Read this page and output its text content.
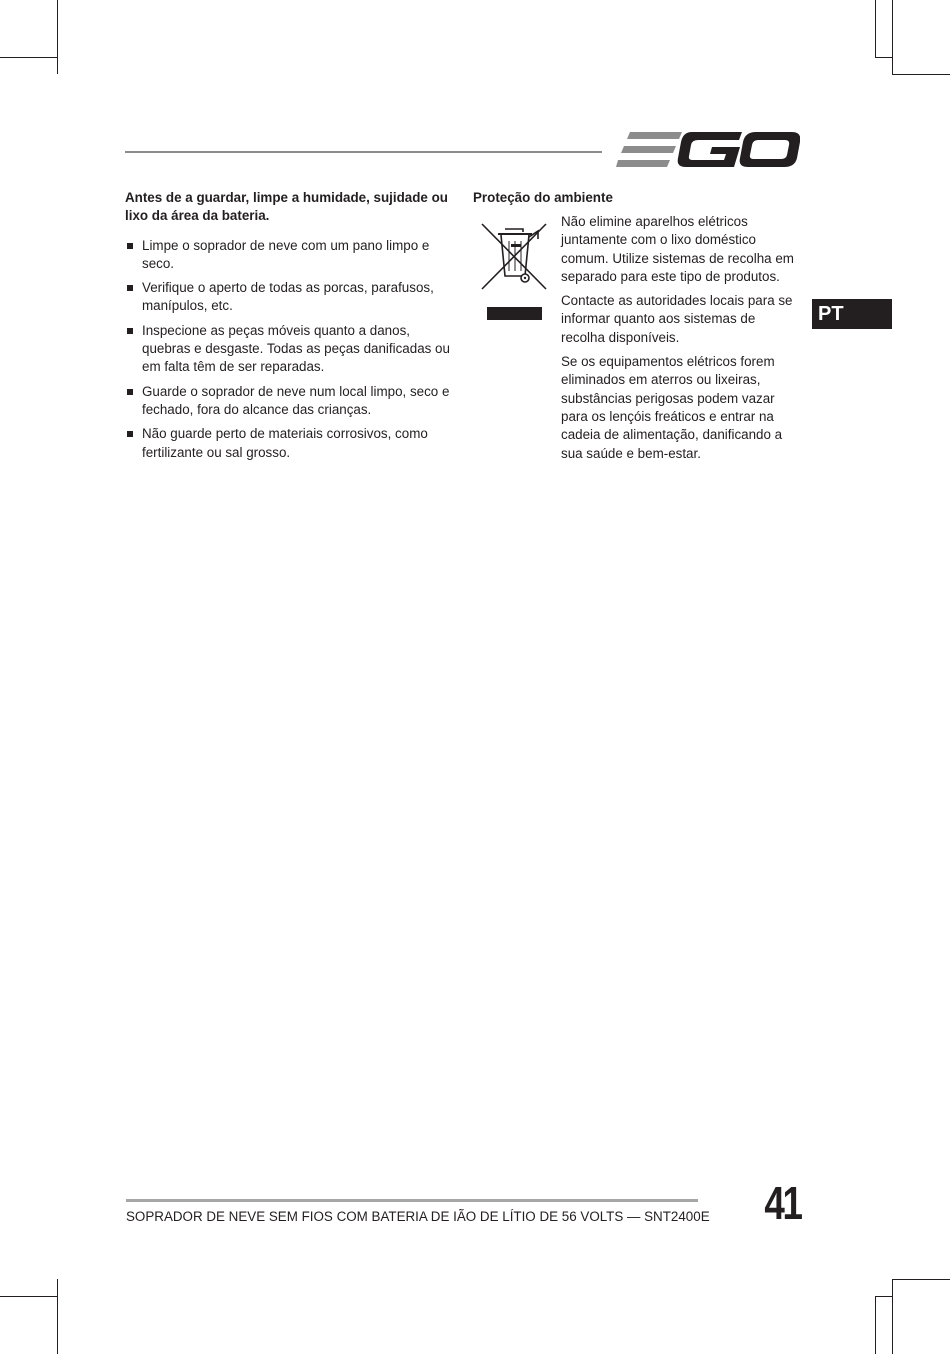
PT
Antes de a guardar, limpe a humidade, sujidade ou lixo da área da bateria.
Limpe o soprador de neve com um pano limpo e seco.
Verifique o aperto de todas as porcas, parafusos, manípulos, etc.
Inspecione as peças móveis quanto a danos, quebras e desgaste. Todas as peças danificadas ou em falta têm de ser reparadas.
Guarde o soprador de neve num local limpo, seco e fechado, fora do alcance das crianças.
Não guarde perto de materiais corrosivos, como fertilizante ou sal grosso.
Proteção do ambiente

Não elimine aparelhos elétricos juntamente com o lixo doméstico comum. Utilize sistemas de recolha em separado para este tipo de produtos.

Contacte as autoridades locais para se informar quanto aos sistemas de recolha disponíveis.

Se os equipamentos elétricos forem eliminados em aterros ou lixeiras, substâncias perigosas podem vazar para os lençóis freáticos e entrar na cadeia de alimentação, danificando a sua saúde e bem-estar.

SOPRADOR DE NEVE SEM FIOS COM BATERIA DE IÃO DE LÍTIO DE 56 VOLTS — SNT2400E 41
